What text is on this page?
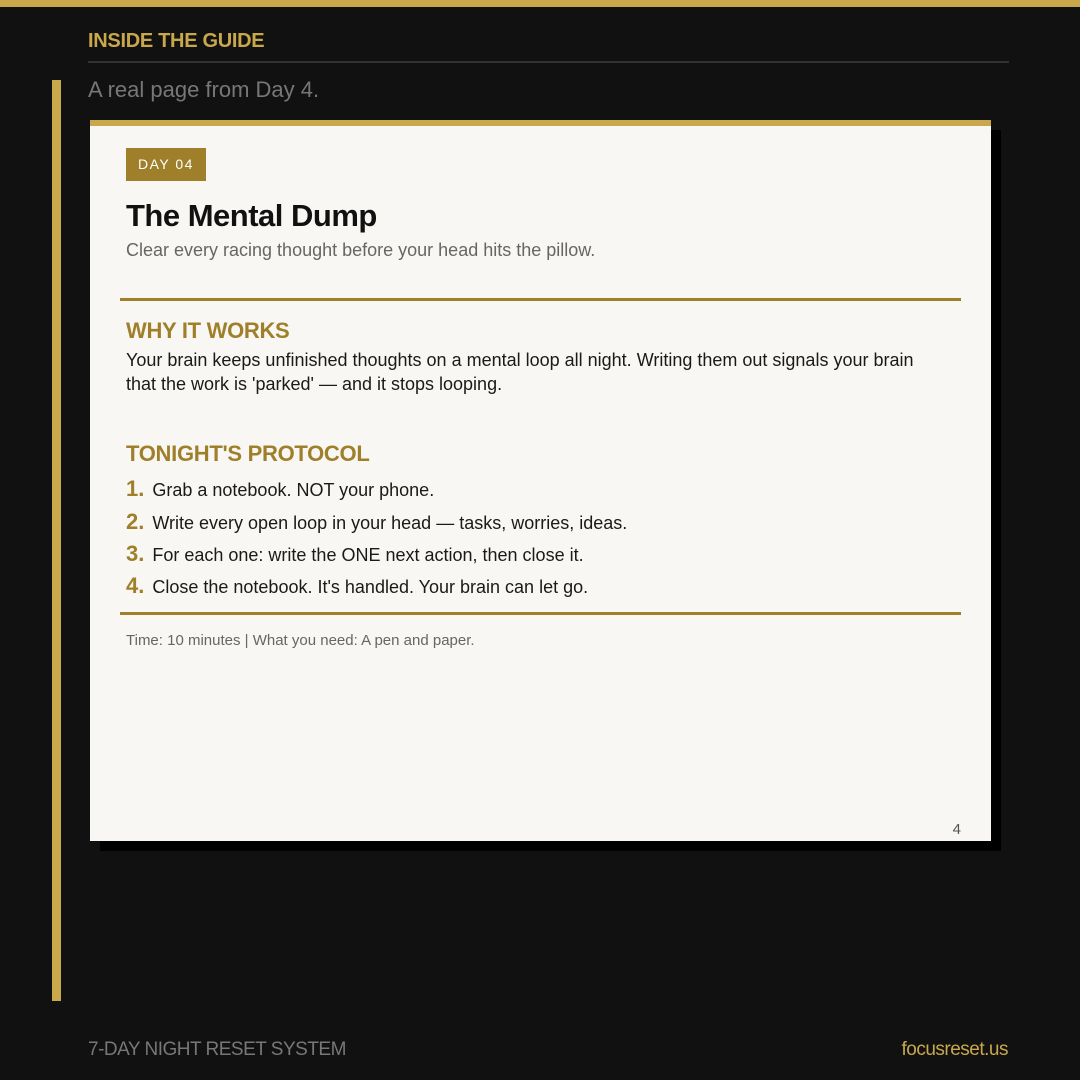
INSIDE THE GUIDE
A real page from Day 4.
DAY 04
The Mental Dump
Clear every racing thought before your head hits the pillow.
WHY IT WORKS
Your brain keeps unfinished thoughts on a mental loop all night. Writing them out signals your brain that the work is 'parked' — and it stops looping.
TONIGHT'S PROTOCOL
1. Grab a notebook. NOT your phone.
2. Write every open loop in your head — tasks, worries, ideas.
3. For each one: write the ONE next action, then close it.
4. Close the notebook. It's handled. Your brain can let go.
Time: 10 minutes | What you need: A pen and paper.
4
7-DAY NIGHT RESET SYSTEM	focusreset.us
